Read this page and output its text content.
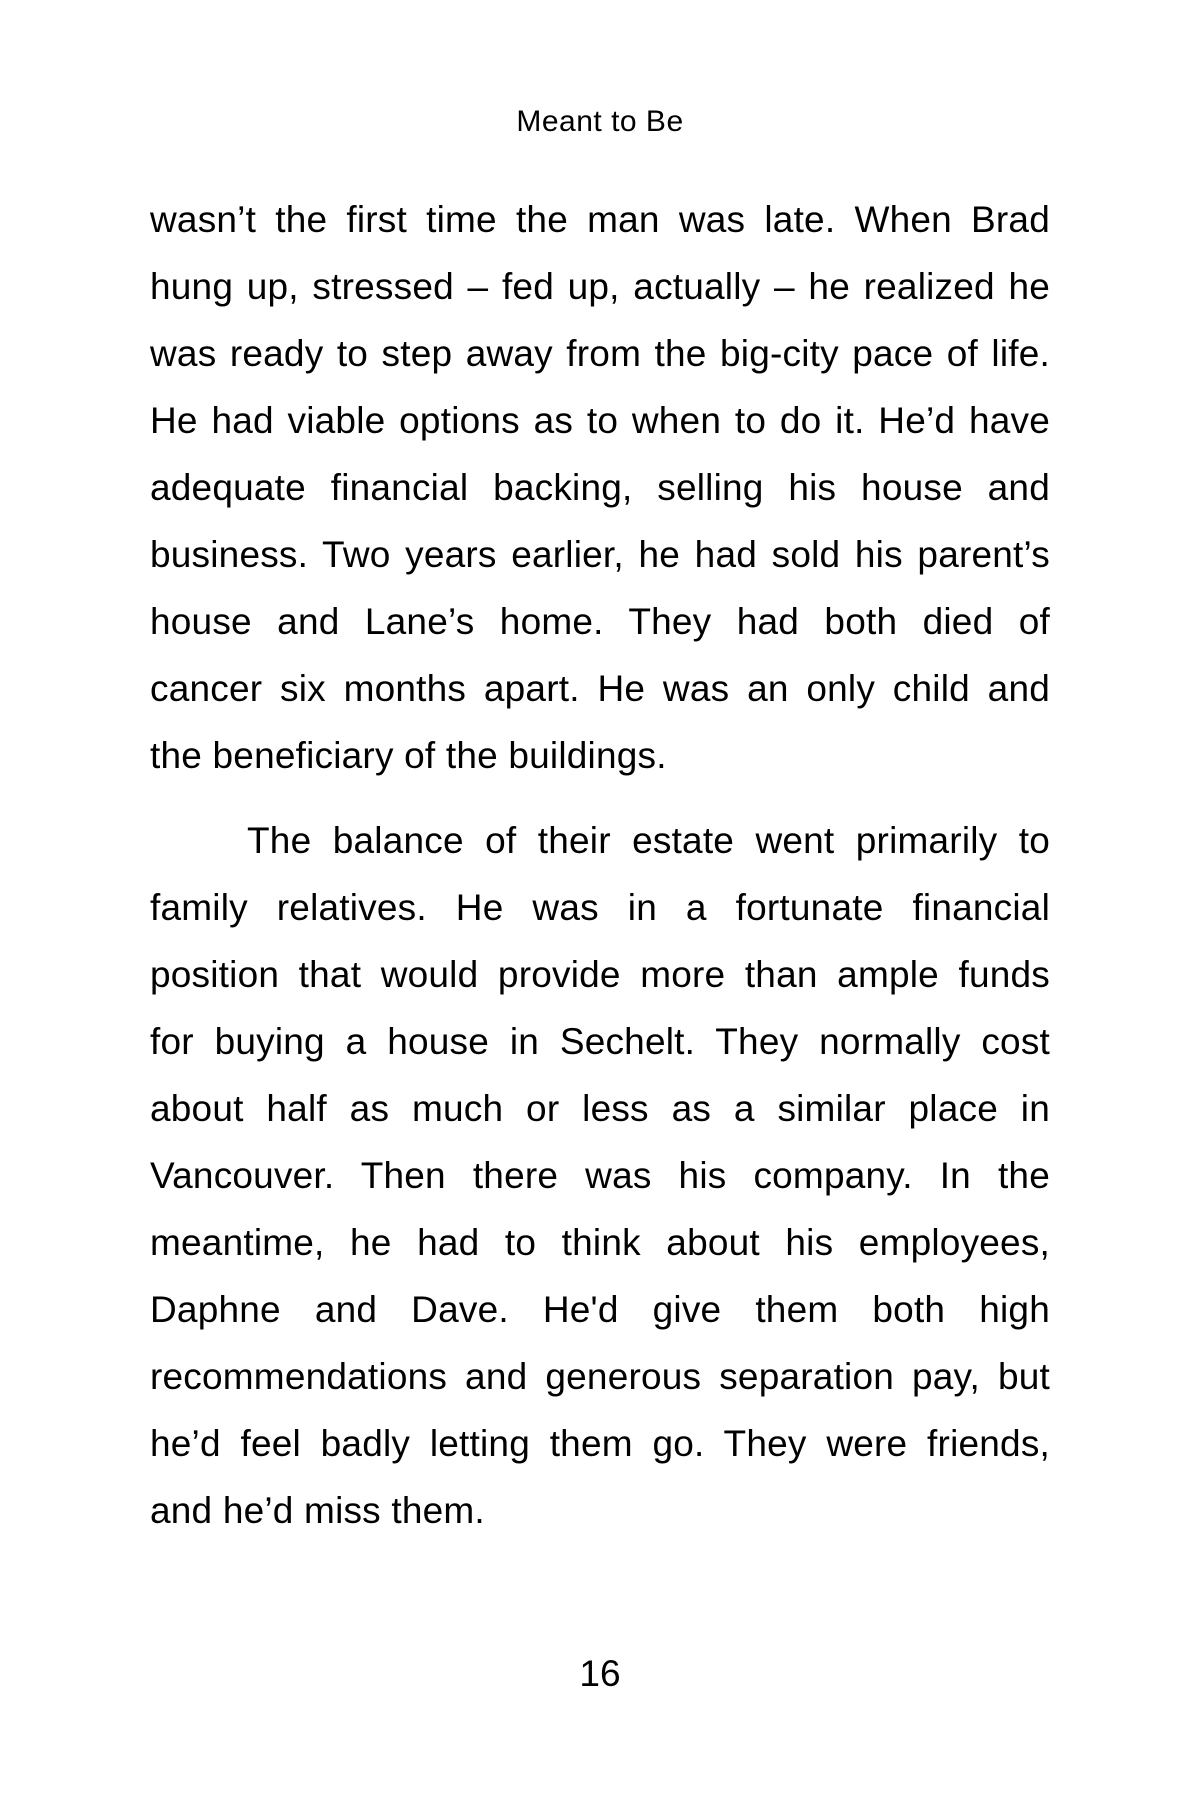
Meant to Be
wasn’t the first time the man was late. When Brad
hung up, stressed – fed up, actually – he realized he
was ready to step away from the big-city pace of life.
He had viable options as to when to do it. He’d have
adequate financial backing, selling his house and
business. Two years earlier, he had sold his parent’s
house and Lane’s home. They had both died of
cancer six months apart. He was an only child and
the beneficiary of the buildings.
The balance of their estate went primarily to
family relatives. He was in a fortunate financial
position that would provide more than ample funds
for buying a house in Sechelt. They normally cost
about half as much or less as a similar place in
Vancouver. Then there was his company. In the
meantime, he had to think about his employees,
Daphne and Dave. He'd give them both high
recommendations and generous separation pay, but
he’d feel badly letting them go. They were friends,
and he’d miss them.
16
